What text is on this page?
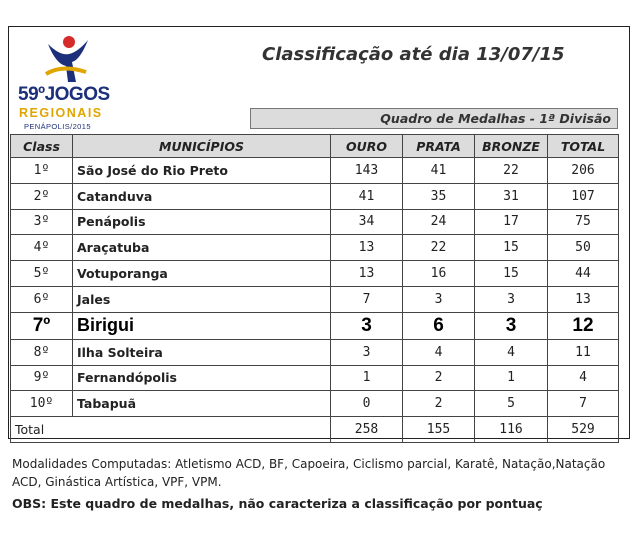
59ºJOGOS
REGIONAIS
PENÁPOLIS/2015
Classificação até dia 13/07/15
Quadro de Medalhas - 1ª Divisão
Class	MUNICÍPIOS	OURO	PRATA	BRONZE	TOTAL
1º	São José do Rio Preto	143	41	22	206
2º	Catanduva	41	35	31	107
3º	Penápolis	34	24	17	75
4º	Araçatuba	13	22	15	50
5º	Votuporanga	13	16	15	44
6º	Jales	7	3	3	13
7º	Birigui	3	6	3	12
8º	Ilha Solteira	3	4	4	11
9º	Fernandópolis	1	2	1	4
10º	Tabapuã	0	2	5	7
Total		258	155	116	529
Modalidades Computadas: Atletismo ACD, BF, Capoeira, Ciclismo parcial, Karatê, Natação,Natação ACD, Ginástica Artística, VPF, VPM.
OBS: Este quadro de medalhas, não caracteriza a classificação por pontuaç
